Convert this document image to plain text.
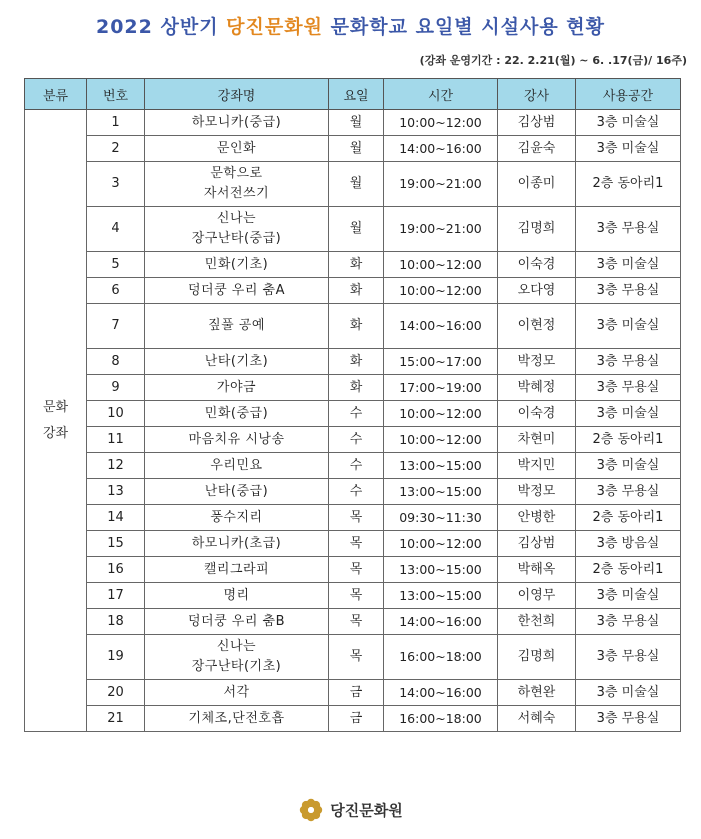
2022 상반기 당진문화원 문화학교 요일별 시설사용 현황
(강좌 운영기간 : 22. 2.21(월) ~ 6. .17(금)/ 16주)
분류	번호	강좌명	요일	시간	강사	사용공간

문화
강좌	1	하모니카(중급)	월	10:00~12:00	김상범	3층 미술실
	2	문인화	월	14:00~16:00	김윤숙	3층 미술실
	3	문학으로
자서전쓰기	월	19:00~21:00	이종미	2층 동아리1
	4	신나는
장구난타(중급)	월	19:00~21:00	김명희	3층 무용실
	5	민화(기초)	화	10:00~12:00	이숙경	3층 미술실
	6	덩더쿵 우리 춤A	화	10:00~12:00	오다영	3층 무용실
	7	짚풀 공예	화	14:00~16:00	이현정	3층 미술실
	8	난타(기초)	화	15:00~17:00	박정모	3층 무용실
	9	가야금	화	17:00~19:00	박혜정	3층 무용실
	10	민화(중급)	수	10:00~12:00	이숙경	3층 미술실
	11	마음치유 시낭송	수	10:00~12:00	차현미	2층 동아리1
	12	우리민요	수	13:00~15:00	박지민	3층 미술실
	13	난타(중급)	수	13:00~15:00	박정모	3층 무용실
	14	풍수지리	목	09:30~11:30	안병한	2층 동아리1
	15	하모니카(초급)	목	10:00~12:00	김상범	3층 방음실
	16	캘리그라피	목	13:00~15:00	박해옥	2층 동아리1
	17	명리	목	13:00~15:00	이영무	3층 미술실
	18	덩더쿵 우리 춤B	목	14:00~16:00	한천희	3층 무용실
	19	신나는
장구난타(기초)	목	16:00~18:00	김명희	3층 무용실
	20	서각	금	14:00~16:00	하현완	3층 미술실
	21	기체조,단전호흡	금	16:00~18:00	서혜숙	3층 무용실
당진문화원
